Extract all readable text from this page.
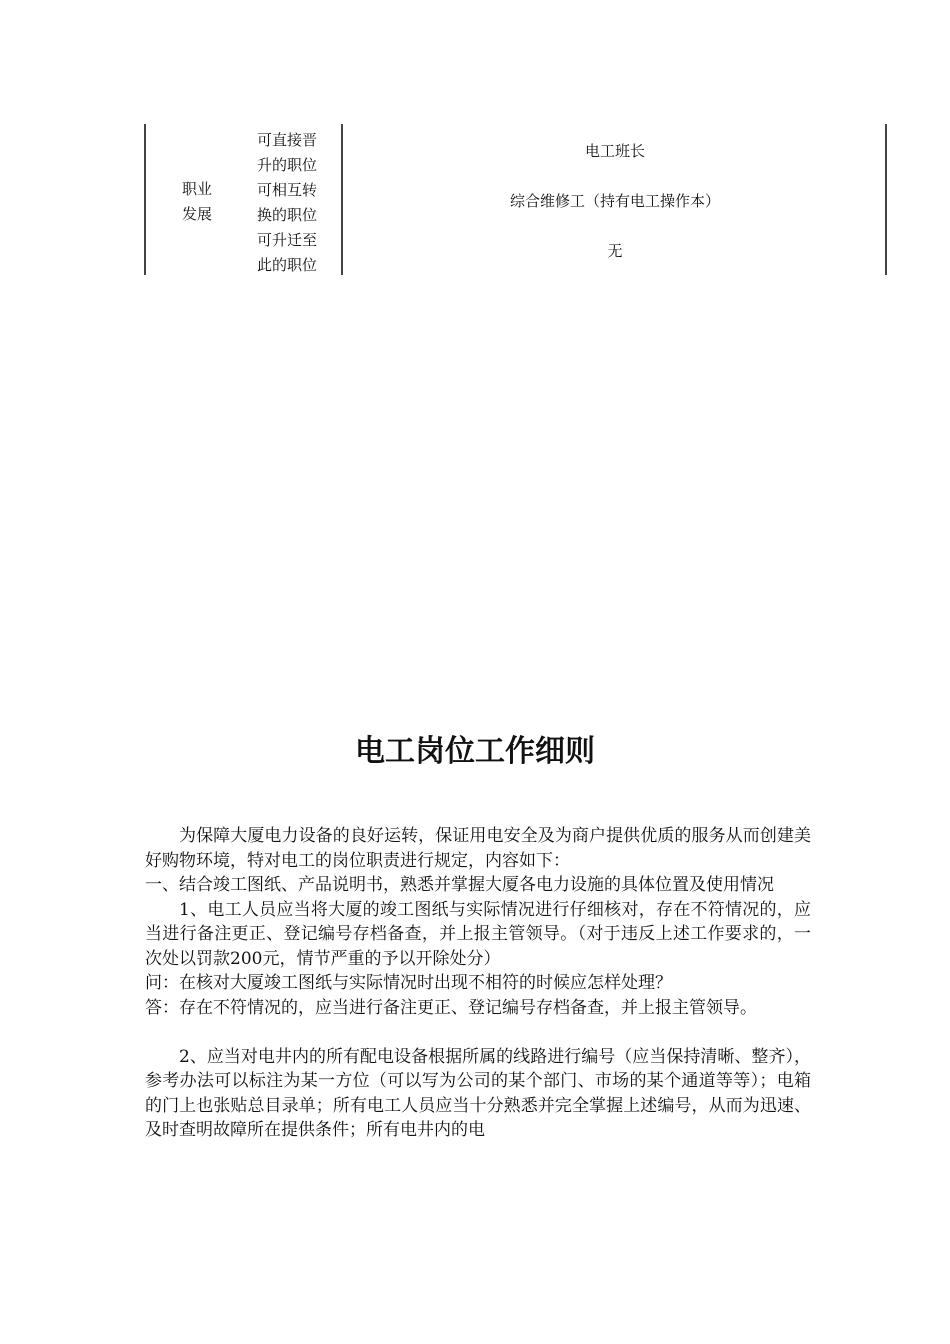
职业发展
可直接晋升的职位
可相互转换的职位
可升迁至此的职位
电工班长
综合维修工（持有电工操作本）
无
电工岗位工作细则

为保障大厦电力设备的良好运转，保证用电安全及为商户提供优质的服务从而创建美好购物环境，特对电工的岗位职责进行规定，内容如下：

一、结合竣工图纸、产品说明书，熟悉并掌握大厦各电力设施的具体位置及使用情况

1、电工人员应当将大厦的竣工图纸与实际情况进行仔细核对，存在不符情况的，应当进行备注更正、登记编号存档备查，并上报主管领导。（对于违反上述工作要求的，一次处以罚款200元，情节严重的予以开除处分）

问：在核对大厦竣工图纸与实际情况时出现不相符的时候应怎样处理？

答：存在不符情况的，应当进行备注更正、登记编号存档备查，并上报主管领导。

2、应当对电井内的所有配电设备根据所属的线路进行编号（应当保持清晰、整齐），参考办法可以标注为某一方位（可以写为公司的某个部门、市场的某个通道等等）；电箱的门上也张贴总目录单；所有电工人员应当十分熟悉并完全掌握上述编号，从而为迅速、及时查明故障所在提供条件；所有电井内的电
